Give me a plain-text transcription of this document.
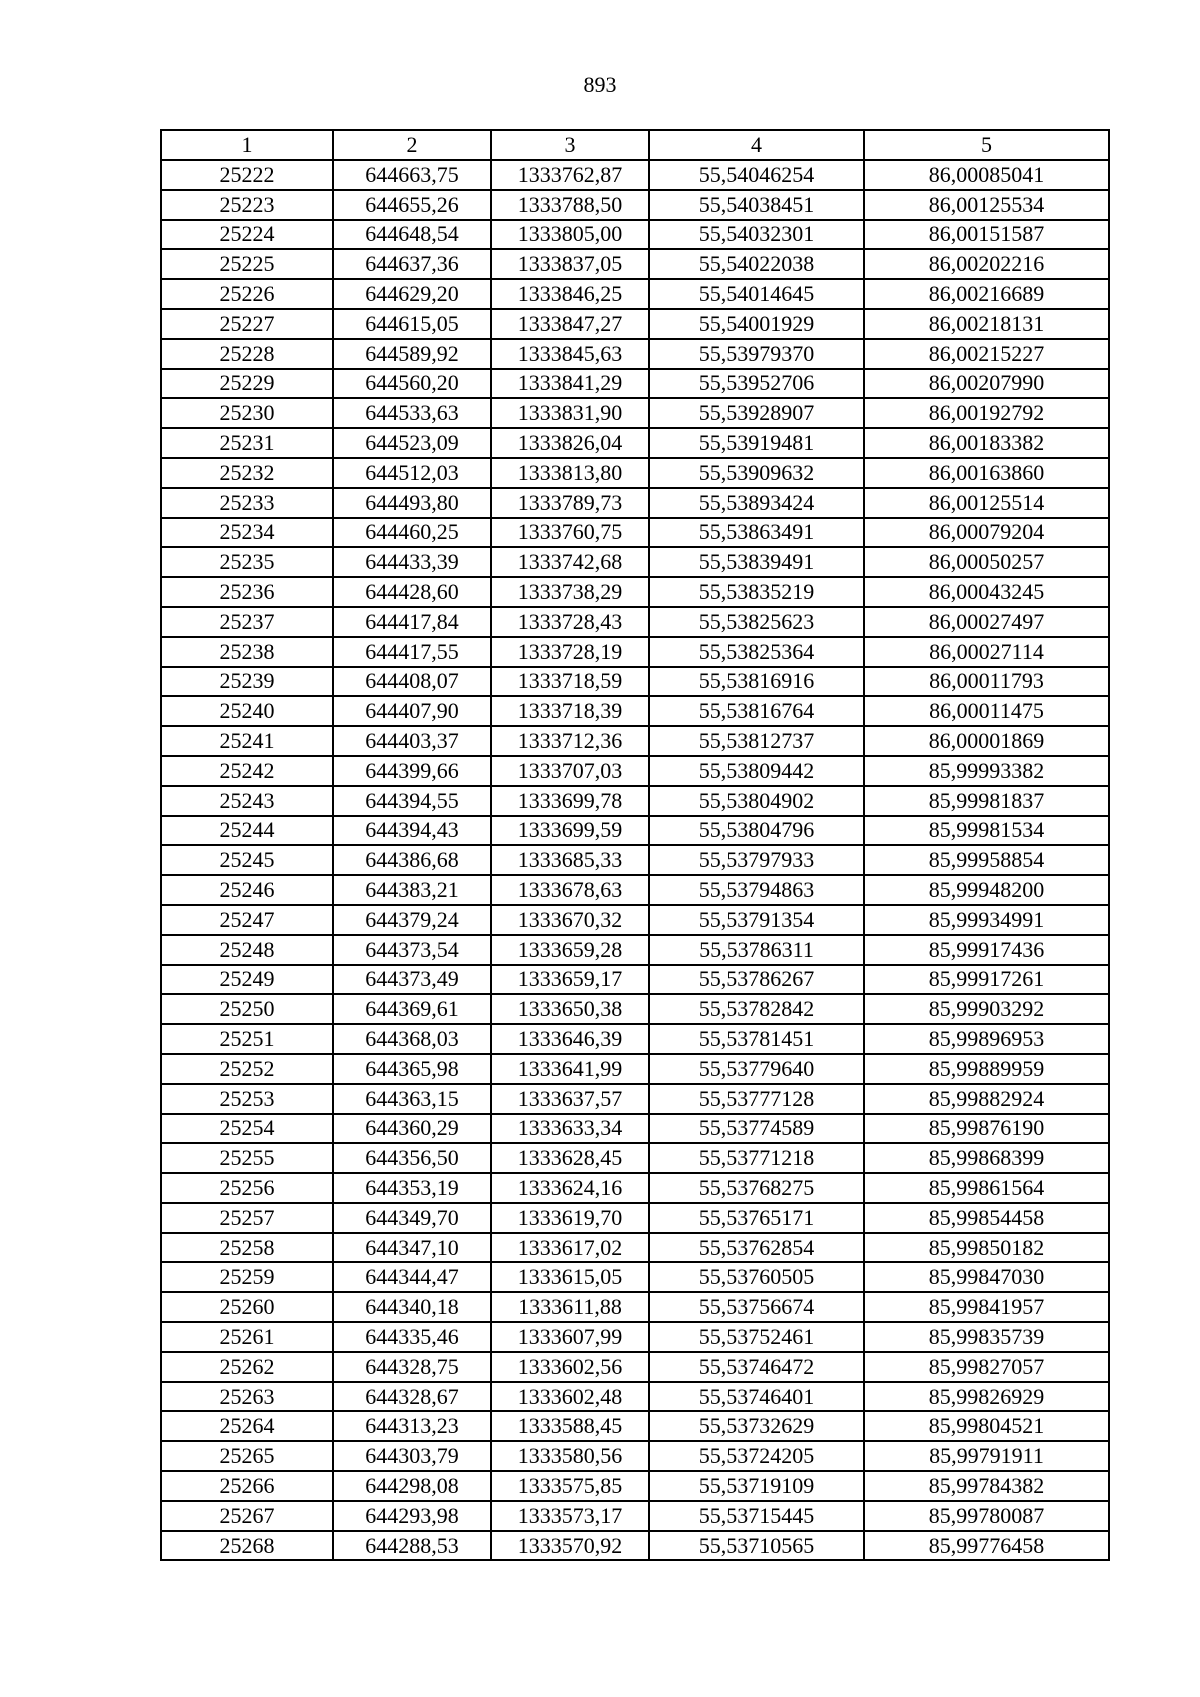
893
1	2	3	4	5
25222	644663,75	1333762,87	55,54046254	86,00085041
25223	644655,26	1333788,50	55,54038451	86,00125534
25224	644648,54	1333805,00	55,54032301	86,00151587
25225	644637,36	1333837,05	55,54022038	86,00202216
25226	644629,20	1333846,25	55,54014645	86,00216689
25227	644615,05	1333847,27	55,54001929	86,00218131
25228	644589,92	1333845,63	55,53979370	86,00215227
25229	644560,20	1333841,29	55,53952706	86,00207990
25230	644533,63	1333831,90	55,53928907	86,00192792
25231	644523,09	1333826,04	55,53919481	86,00183382
25232	644512,03	1333813,80	55,53909632	86,00163860
25233	644493,80	1333789,73	55,53893424	86,00125514
25234	644460,25	1333760,75	55,53863491	86,00079204
25235	644433,39	1333742,68	55,53839491	86,00050257
25236	644428,60	1333738,29	55,53835219	86,00043245
25237	644417,84	1333728,43	55,53825623	86,00027497
25238	644417,55	1333728,19	55,53825364	86,00027114
25239	644408,07	1333718,59	55,53816916	86,00011793
25240	644407,90	1333718,39	55,53816764	86,00011475
25241	644403,37	1333712,36	55,53812737	86,00001869
25242	644399,66	1333707,03	55,53809442	85,99993382
25243	644394,55	1333699,78	55,53804902	85,99981837
25244	644394,43	1333699,59	55,53804796	85,99981534
25245	644386,68	1333685,33	55,53797933	85,99958854
25246	644383,21	1333678,63	55,53794863	85,99948200
25247	644379,24	1333670,32	55,53791354	85,99934991
25248	644373,54	1333659,28	55,53786311	85,99917436
25249	644373,49	1333659,17	55,53786267	85,99917261
25250	644369,61	1333650,38	55,53782842	85,99903292
25251	644368,03	1333646,39	55,53781451	85,99896953
25252	644365,98	1333641,99	55,53779640	85,99889959
25253	644363,15	1333637,57	55,53777128	85,99882924
25254	644360,29	1333633,34	55,53774589	85,99876190
25255	644356,50	1333628,45	55,53771218	85,99868399
25256	644353,19	1333624,16	55,53768275	85,99861564
25257	644349,70	1333619,70	55,53765171	85,99854458
25258	644347,10	1333617,02	55,53762854	85,99850182
25259	644344,47	1333615,05	55,53760505	85,99847030
25260	644340,18	1333611,88	55,53756674	85,99841957
25261	644335,46	1333607,99	55,53752461	85,99835739
25262	644328,75	1333602,56	55,53746472	85,99827057
25263	644328,67	1333602,48	55,53746401	85,99826929
25264	644313,23	1333588,45	55,53732629	85,99804521
25265	644303,79	1333580,56	55,53724205	85,99791911
25266	644298,08	1333575,85	55,53719109	85,99784382
25267	644293,98	1333573,17	55,53715445	85,99780087
25268	644288,53	1333570,92	55,53710565	85,99776458
